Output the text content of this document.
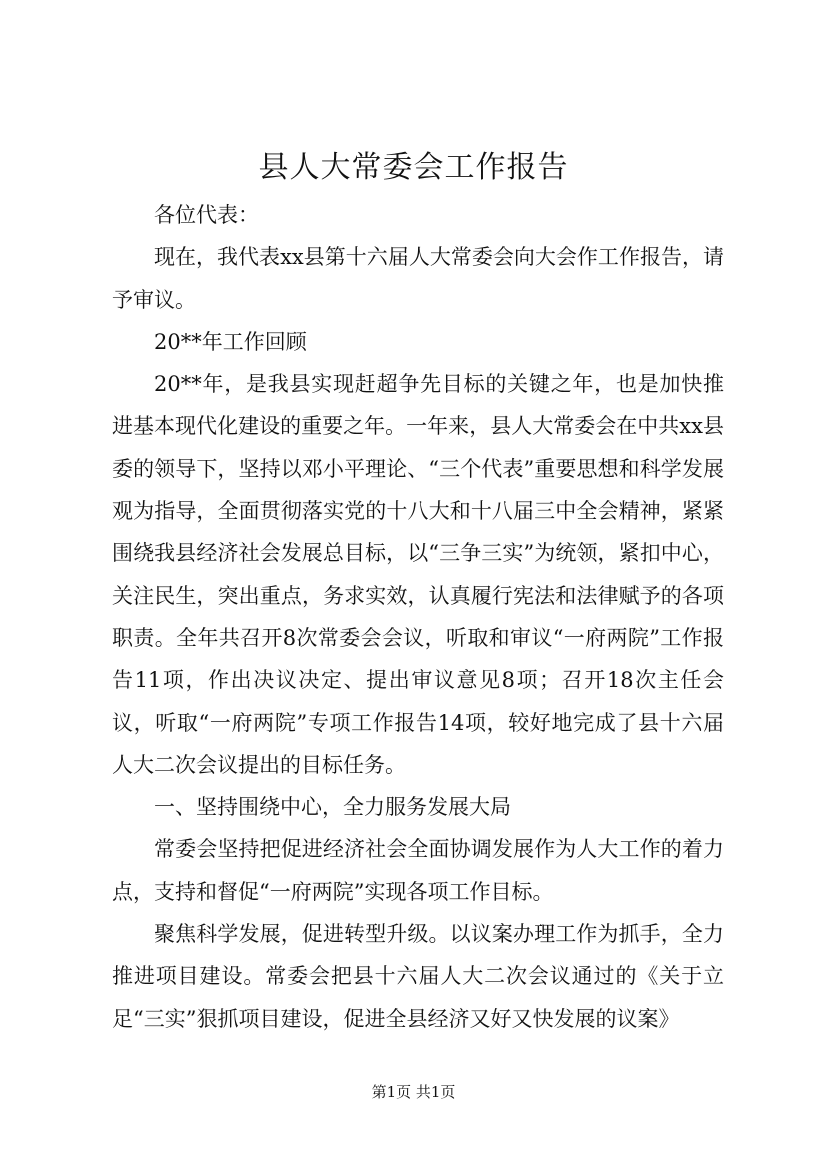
县人大常委会工作报告

各位代表：

现在，我代表xx县第十六届人大常委会向大会作工作报告，请予审议。

20**年工作回顾

20**年，是我县实现赶超争先目标的关键之年，也是加快推进基本现代化建设的重要之年。一年来，县人大常委会在中共xx县委的领导下，坚持以邓小平理论、“三个代表”重要思想和科学发展观为指导，全面贯彻落实党的十八大和十八届三中全会精神，紧紧围绕我县经济社会发展总目标，以“三争三实”为统领，紧扣中心，关注民生，突出重点，务求实效，认真履行宪法和法律赋予的各项职责。全年共召开8次常委会会议，听取和审议“一府两院”工作报告11项，作出决议决定、提出审议意见8项；召开18次主任会议，听取“一府两院”专项工作报告14项，较好地完成了县十六届人大二次会议提出的目标任务。

一、坚持围绕中心，全力服务发展大局

常委会坚持把促进经济社会全面协调发展作为人大工作的着力点，支持和督促“一府两院”实现各项工作目标。

聚焦科学发展，促进转型升级。以议案办理工作为抓手，全力推进项目建设。常委会把县十六届人大二次会议通过的《关于立足“三实”狠抓项目建设，促进全县经济又好又快发展的议案》

第1页 共1页
